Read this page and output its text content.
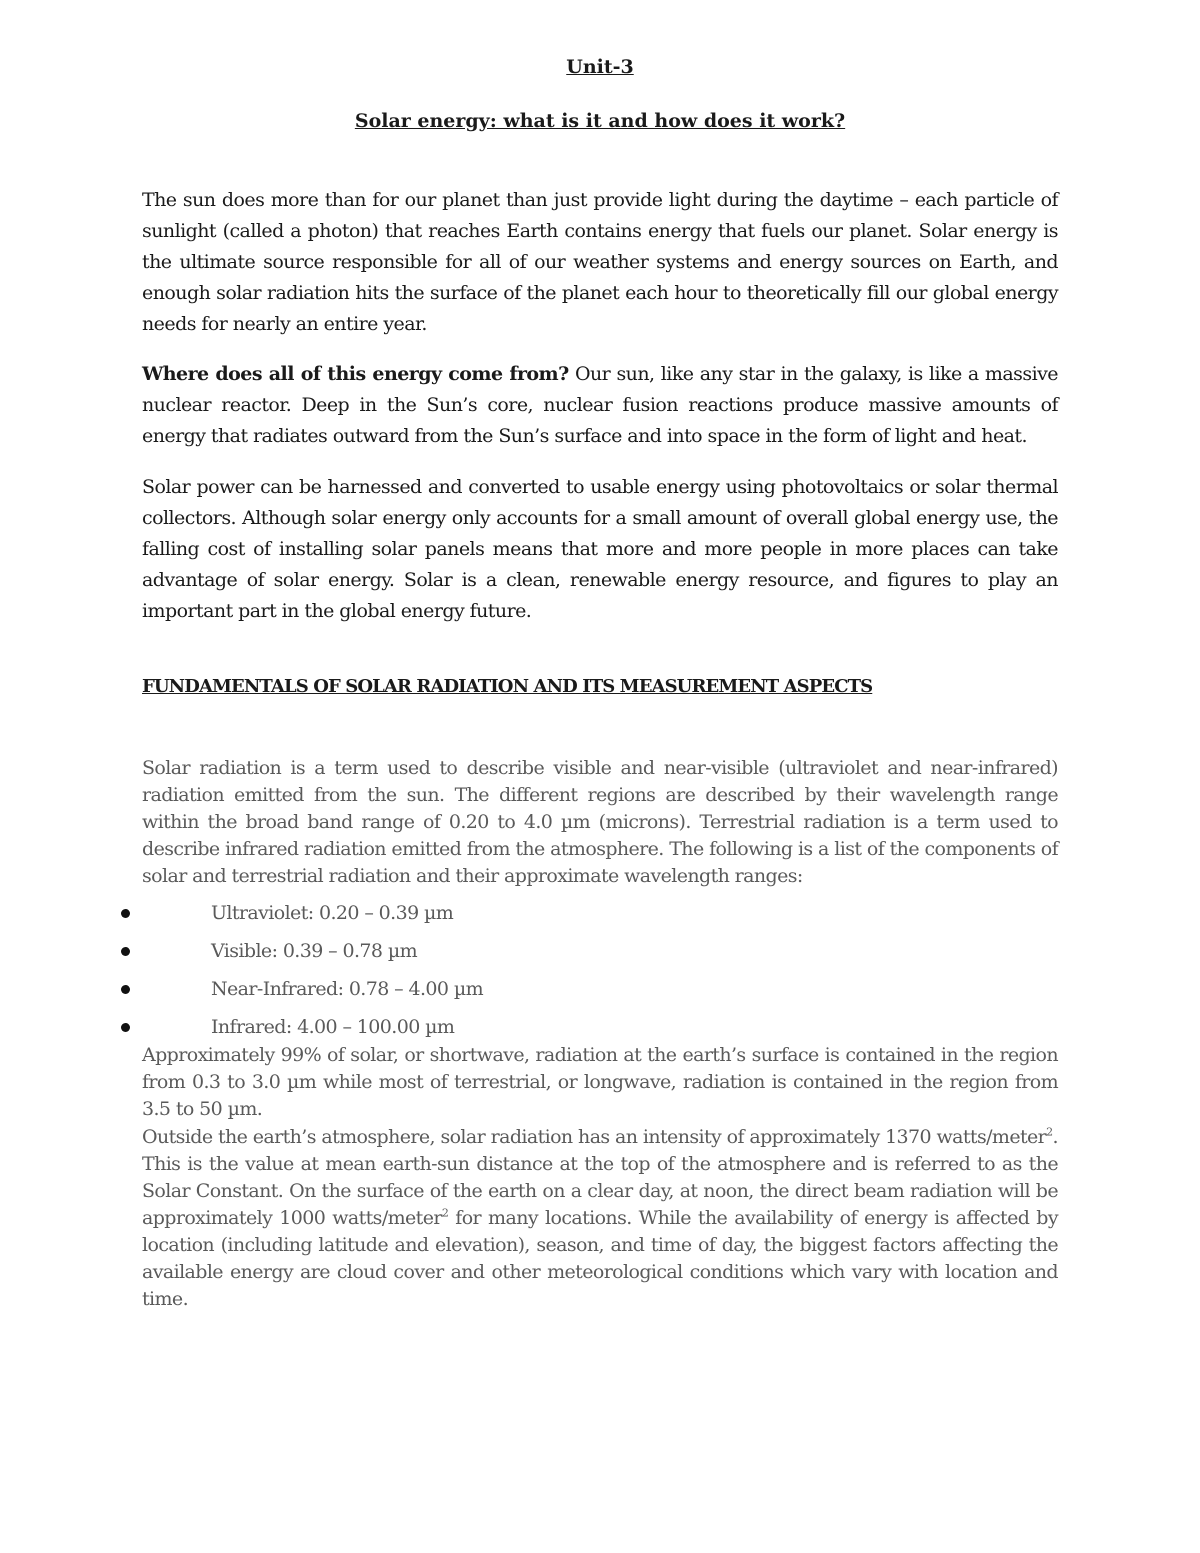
Unit-3

Solar energy: what is it and how does it work?

The sun does more than for our planet than just provide light during the daytime – each particle of sunlight (called a photon) that reaches Earth contains energy that fuels our planet. Solar energy is the ultimate source responsible for all of our weather systems and energy sources on Earth, and enough solar radiation hits the surface of the planet each hour to theoretically fill our global energy needs for nearly an entire year.

Where does all of this energy come from? Our sun, like any star in the galaxy, is like a massive nuclear reactor. Deep in the Sun’s core, nuclear fusion reactions produce massive amounts of energy that radiates outward from the Sun’s surface and into space in the form of light and heat.

Solar power can be harnessed and converted to usable energy using photovoltaics or solar thermal collectors. Although solar energy only accounts for a small amount of overall global energy use, the falling cost of installing solar panels means that more and more people in more places can take advantage of solar energy. Solar is a clean, renewable energy resource, and figures to play an important part in the global energy future.

FUNDAMENTALS OF SOLAR RADIATION AND ITS MEASUREMENT ASPECTS

Solar radiation is a term used to describe visible and near-visible (ultraviolet and near-infrared) radiation emitted from the sun. The different regions are described by their wavelength range within the broad band range of 0.20 to 4.0 µm (microns). Terrestrial radiation is a term used to describe infrared radiation emitted from the atmosphere. The following is a list of the components of solar and terrestrial radiation and their approximate wavelength ranges:

Ultraviolet: 0.20 – 0.39 µm
Visible: 0.39 – 0.78 µm
Near-Infrared: 0.78 – 4.00 µm
Infrared: 4.00 – 100.00 µm

Approximately 99% of solar, or shortwave, radiation at the earth’s surface is contained in the region from 0.3 to 3.0 µm while most of terrestrial, or longwave, radiation is contained in the region from 3.5 to 50 µm.

Outside the earth’s atmosphere, solar radiation has an intensity of approximately 1370 watts/meter$^2$. This is the value at mean earth-sun distance at the top of the atmosphere and is referred to as the Solar Constant. On the surface of the earth on a clear day, at noon, the direct beam radiation will be approximately 1000 watts/meter$^2$ for many locations. While the availability of energy is affected by location (including latitude and elevation), season, and time of day, the biggest factors affecting the available energy are cloud cover and other meteorological conditions which vary with location and time.
